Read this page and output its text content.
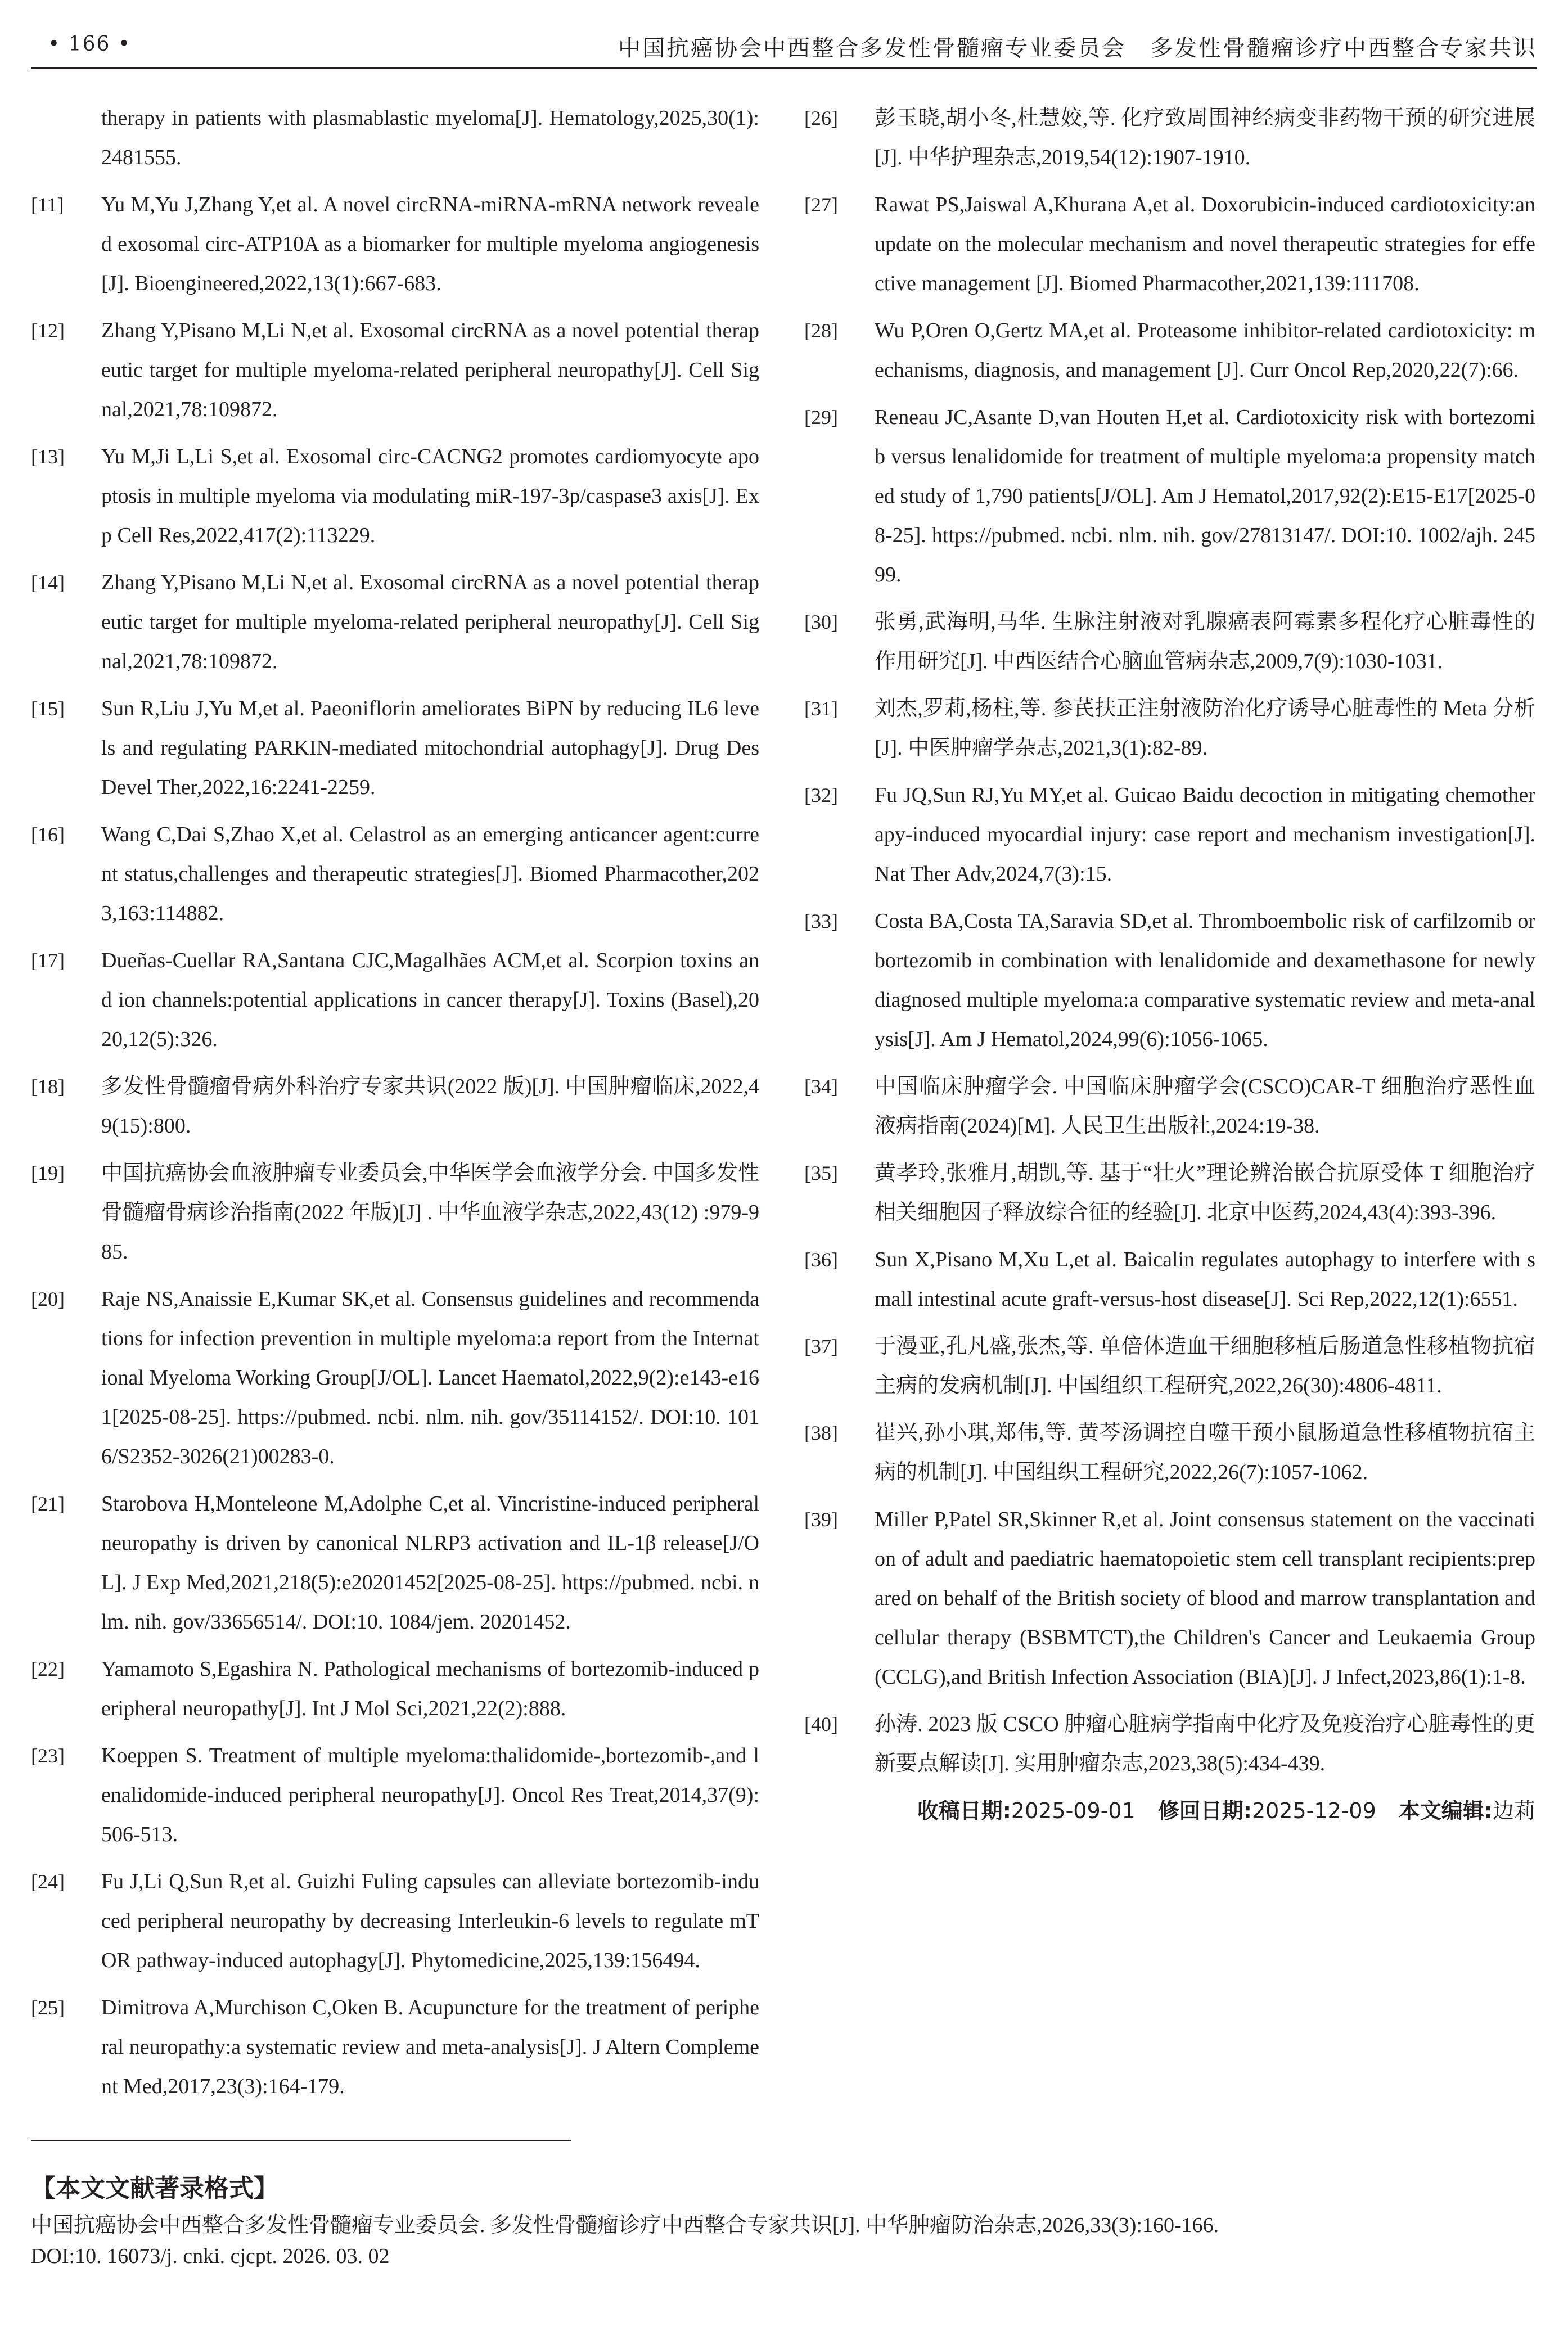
• 166 •	中国抗癌协会中西整合多发性骨髓瘤专业委员会　多发性骨髓瘤诊疗中西整合专家共识
therapy in patients with plasmablastic myeloma[J]. Hematology,2025,30(1):2481555.
[11]	Yu M,Yu J,Zhang Y,et al. A novel circRNA-miRNA-mRNA network revealed exosomal circ-ATP10A as a biomarker for multiple myeloma angiogenesis[J]. Bioengineered,2022,13(1):667-683.
[12]	Zhang Y,Pisano M,Li N,et al. Exosomal circRNA as a novel potential therapeutic target for multiple myeloma-related peripheral neuropathy[J]. Cell Signal,2021,78:109872.
[13]	Yu M,Ji L,Li S,et al. Exosomal circ-CACNG2 promotes cardiomyocyte apoptosis in multiple myeloma via modulating miR-197-3p/caspase3 axis[J]. Exp Cell Res,2022,417(2):113229.
[14]	Zhang Y,Pisano M,Li N,et al. Exosomal circRNA as a novel potential therapeutic target for multiple myeloma-related peripheral neuropathy[J]. Cell Signal,2021,78:109872.
[15]	Sun R,Liu J,Yu M,et al. Paeoniflorin ameliorates BiPN by reducing IL6 levels and regulating PARKIN-mediated mitochondrial autophagy[J]. Drug Des Devel Ther,2022,16:2241-2259.
[16]	Wang C,Dai S,Zhao X,et al. Celastrol as an emerging anticancer agent:current status,challenges and therapeutic strategies[J]. Biomed Pharmacother,2023,163:114882.
[17]	Dueñas-Cuellar RA,Santana CJC,Magalhães ACM,et al. Scorpion toxins and ion channels:potential applications in cancer therapy[J]. Toxins (Basel),2020,12(5):326.
[18]	多发性骨髓瘤骨病外科治疗专家共识(2022 版)[J]. 中国肿瘤临床,2022,49(15):800.
[19]	中国抗癌协会血液肿瘤专业委员会,中华医学会血液学分会. 中国多发性骨髓瘤骨病诊治指南(2022 年版)[J] . 中华血液学杂志,2022,43(12) :979-985.
[20]	Raje NS,Anaissie E,Kumar SK,et al. Consensus guidelines and recommendations for infection prevention in multiple myeloma:a report from the International Myeloma Working Group[J/OL]. Lancet Haematol,2022,9(2):e143-e161[2025-08-25]. https://pubmed. ncbi. nlm. nih. gov/35114152/. DOI:10. 1016/S2352-3026(21)00283-0.
[21]	Starobova H,Monteleone M,Adolphe C,et al. Vincristine-induced peripheral neuropathy is driven by canonical NLRP3 activation and IL-1β release[J/OL]. J Exp Med,2021,218(5):e20201452[2025-08-25]. https://pubmed. ncbi. nlm. nih. gov/33656514/. DOI:10. 1084/jem. 20201452.
[22]	Yamamoto S,Egashira N. Pathological mechanisms of bortezomib-induced peripheral neuropathy[J]. Int J Mol Sci,2021,22(2):888.
[23]	Koeppen S. Treatment of multiple myeloma:thalidomide-,bortezomib-,and lenalidomide-induced peripheral neuropathy[J]. Oncol Res Treat,2014,37(9):506-513.
[24]	Fu J,Li Q,Sun R,et al. Guizhi Fuling capsules can alleviate bortezomib-induced peripheral neuropathy by decreasing Interleukin-6 levels to regulate mTOR pathway-induced autophagy[J]. Phytomedicine,2025,139:156494.
[25]	Dimitrova A,Murchison C,Oken B. Acupuncture for the treatment of peripheral neuropathy:a systematic review and meta-analysis[J]. J Altern Complement Med,2017,23(3):164-179.
[26]	彭玉晓,胡小冬,杜慧姣,等. 化疗致周围神经病变非药物干预的研究进展[J]. 中华护理杂志,2019,54(12):1907-1910.
[27]	Rawat PS,Jaiswal A,Khurana A,et al. Doxorubicin-induced cardiotoxicity:an update on the molecular mechanism and novel therapeutic strategies for effective management [J]. Biomed Pharmacother,2021,139:111708.
[28]	Wu P,Oren O,Gertz MA,et al. Proteasome inhibitor-related cardiotoxicity: mechanisms, diagnosis, and management [J]. Curr Oncol Rep,2020,22(7):66.
[29]	Reneau JC,Asante D,van Houten H,et al. Cardiotoxicity risk with bortezomib versus lenalidomide for treatment of multiple myeloma:a propensity matched study of 1,790 patients[J/OL]. Am J Hematol,2017,92(2):E15-E17[2025-08-25]. https://pubmed. ncbi. nlm. nih. gov/27813147/. DOI:10. 1002/ajh. 24599.
[30]	张勇,武海明,马华. 生脉注射液对乳腺癌表阿霉素多程化疗心脏毒性的作用研究[J]. 中西医结合心脑血管病杂志,2009,7(9):1030-1031.
[31]	刘杰,罗莉,杨柱,等. 参芪扶正注射液防治化疗诱导心脏毒性的 Meta 分析[J]. 中医肿瘤学杂志,2021,3(1):82-89.
[32]	Fu JQ,Sun RJ,Yu MY,et al. Guicao Baidu decoction in mitigating chemotherapy-induced myocardial injury: case report and mechanism investigation[J]. Nat Ther Adv,2024,7(3):15.
[33]	Costa BA,Costa TA,Saravia SD,et al. Thromboembolic risk of carfilzomib or bortezomib in combination with lenalidomide and dexamethasone for newly diagnosed multiple myeloma:a comparative systematic review and meta-analysis[J]. Am J Hematol,2024,99(6):1056-1065.
[34]	中国临床肿瘤学会. 中国临床肿瘤学会(CSCO)CAR-T 细胞治疗恶性血液病指南(2024)[M]. 人民卫生出版社,2024:19-38.
[35]	黄孝玲,张雅月,胡凯,等. 基于“壮火”理论辨治嵌合抗原受体 T 细胞治疗相关细胞因子释放综合征的经验[J]. 北京中医药,2024,43(4):393-396.
[36]	Sun X,Pisano M,Xu L,et al. Baicalin regulates autophagy to interfere with small intestinal acute graft-versus-host disease[J]. Sci Rep,2022,12(1):6551.
[37]	于漫亚,孔凡盛,张杰,等. 单倍体造血干细胞移植后肠道急性移植物抗宿主病的发病机制[J]. 中国组织工程研究,2022,26(30):4806-4811.
[38]	崔兴,孙小琪,郑伟,等. 黄芩汤调控自噬干预小鼠肠道急性移植物抗宿主病的机制[J]. 中国组织工程研究,2022,26(7):1057-1062.
[39]	Miller P,Patel SR,Skinner R,et al. Joint consensus statement on the vaccination of adult and paediatric haematopoietic stem cell transplant recipients:prepared on behalf of the British society of blood and marrow transplantation and cellular therapy (BSBMTCT),the Children's Cancer and Leukaemia Group (CCLG),and British Infection Association (BIA)[J]. J Infect,2023,86(1):1-8.
[40]	孙涛. 2023 版 CSCO 肿瘤心脏病学指南中化疗及免疫治疗心脏毒性的更新要点解读[J]. 实用肿瘤杂志,2023,38(5):434-439.
收稿日期:2025-09-01 修回日期:2025-12-09 本文编辑:边莉
【本文文献著录格式】
中国抗癌协会中西整合多发性骨髓瘤专业委员会. 多发性骨髓瘤诊疗中西整合专家共识[J]. 中华肿瘤防治杂志,2026,33(3):160-166.
DOI:10. 16073/j. cnki. cjcpt. 2026. 03. 02
